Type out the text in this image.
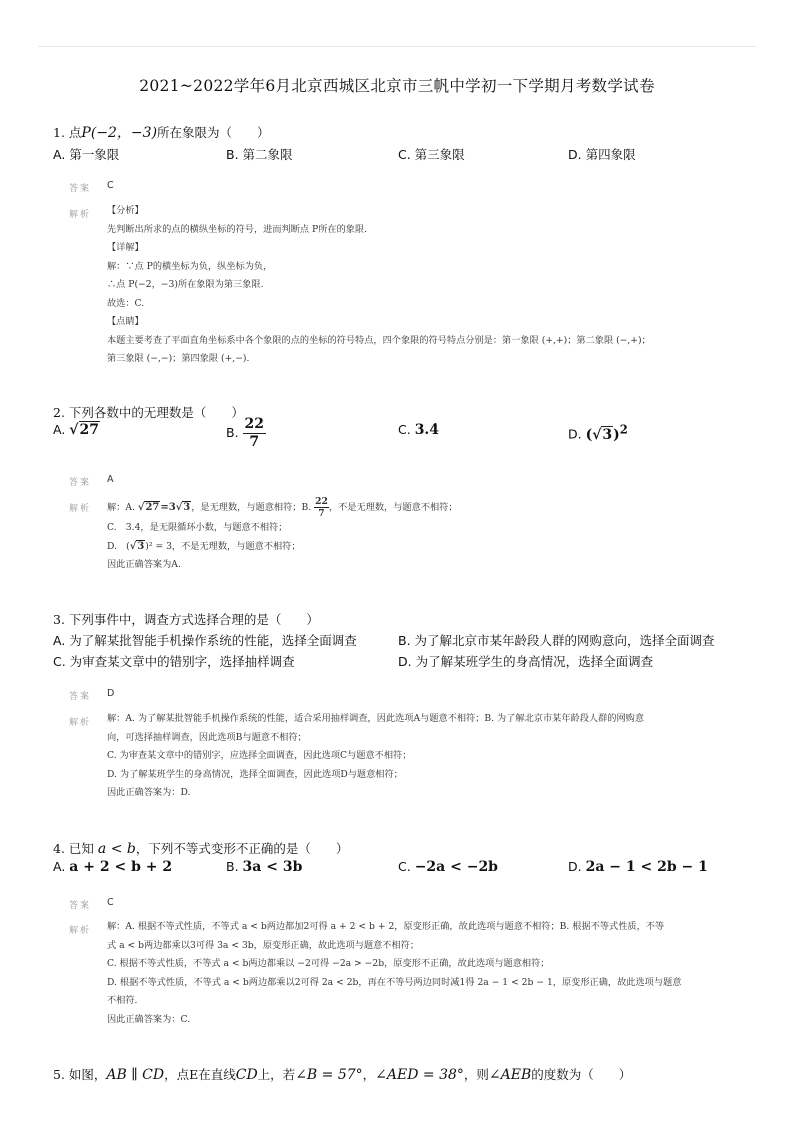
2021~2022学年6月北京西城区北京市三帆中学初一下学期月考数学试卷
1. 点P(−2，−3)所在象限为（　　）
A. 第一象限	B. 第二象限	C. 第三象限	D. 第四象限
答案 C
解析 【分析】
先判断出所求的点的横纵坐标的符号，进而判断点 P所在的象限.
【详解】
解：∵点 P的横坐标为负，纵坐标为负，
∴点 P(−2，−3)所在象限为第三象限.
故选：C.
【点睛】
本题主要考查了平面直角坐标系中各个象限的点的坐标的符号特点，四个象限的符号特点分别是：第一象限 (+,+)；第二象限 (−,+)；
第三象限 (−,−)；第四象限 (+,−).
2. 下列各数中的无理数是（　　）
A. √27	B. $\frac{22}{7}$	C. 3.4̇	D. $(√3)^2$
答案 A
解析 解：A. √27=3√3，是无理数，与题意相符；B. $\frac{22}{7}$ ，不是无理数，与题意不相符；
C.　3.4̇，是无限循环小数，与题意不相符；
D.　(√3)² = 3，不是无理数，与题意不相符；
因此正确答案为A.
3. 下列事件中，调查方式选择合理的是（　　）
A. 为了解某批智能手机操作系统的性能，选择全面调查	B. 为了解北京市某年龄段人群的网购意向，选择全面调查
C. 为审查某文章中的错别字，选择抽样调查	D. 为了解某班学生的身高情况，选择全面调查
答案 D
解析 解：A. 为了解某批智能手机操作系统的性能，适合采用抽样调查，因此选项A与题意不相符；B. 为了解北京市某年龄段人群的网购意
向，可选择抽样调查，因此选项B与题意不相符；
C. 为审查某文章中的错别字，应选择全面调查，因此选项C与题意不相符；
D. 为了解某班学生的身高情况，选择全面调查，因此选项D与题意相符；
因此正确答案为：D.
4. 已知 a < b，下列不等式变形不正确的是（　　）
A. a + 2 < b + 2	B. 3a < 3b	C. −2a < −2b	D. 2a − 1 < 2b − 1
答案 C
解析 解：A. 根据不等式性质，不等式 a < b两边都加2可得 a + 2 < b + 2，原变形正确，故此选项与题意不相符；B. 根据不等式性质，不等
式 a < b两边都乘以3可得 3a < 3b，原变形正确，故此选项与题意不相符；
C. 根据不等式性质，不等式 a < b两边都乘以 −2可得 −2a > −2b，原变形不正确，故此选项与题意相符；
D. 根据不等式性质，不等式 a < b两边都乘以2可得 2a < 2b，再在不等号两边同时减1得 2a − 1 < 2b − 1，原变形正确，故此选项与题意
不相符.
因此正确答案为：C.
5. 如图，AB ∥ CD，点E在直线CD上，若∠B = 57°，∠AED = 38°，则∠AEB的度数为（　　）
